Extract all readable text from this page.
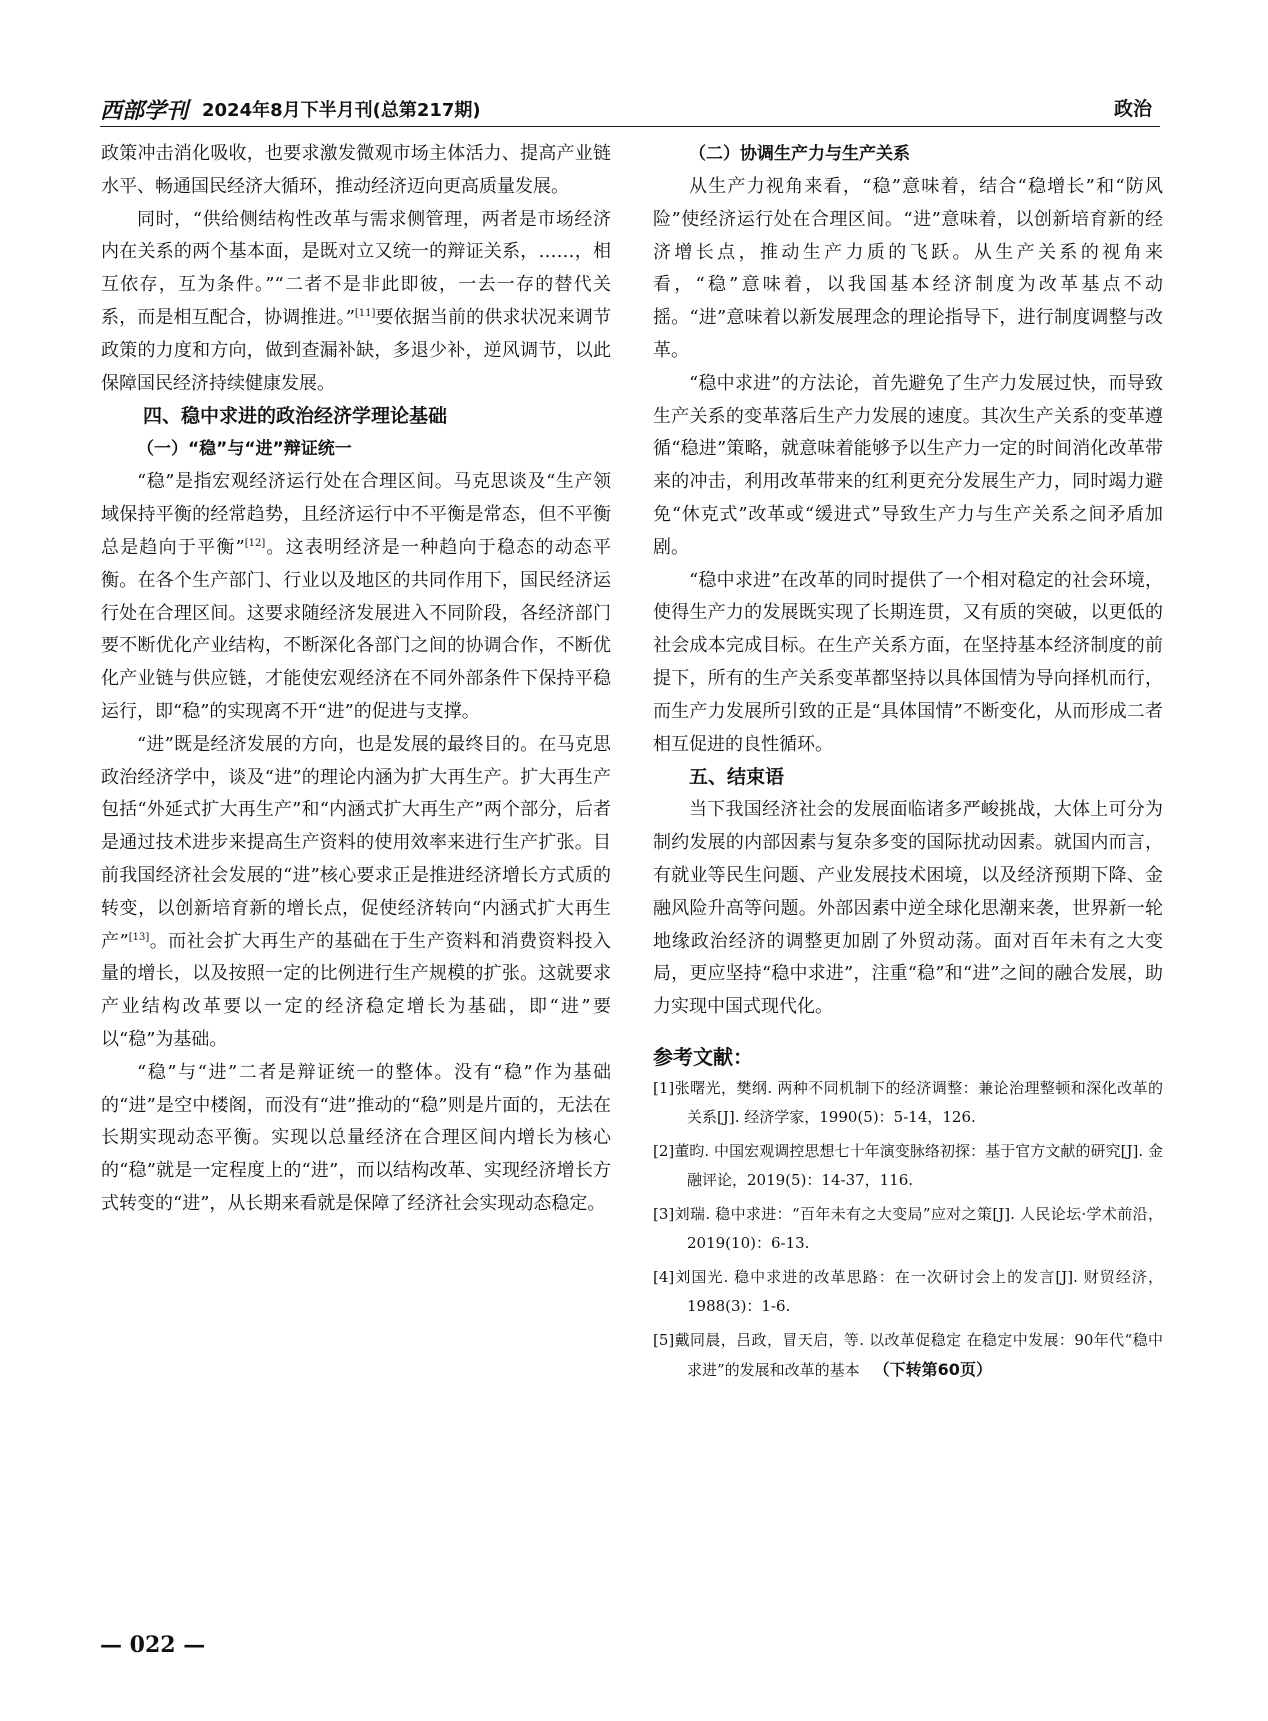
西部学刊 2024年8月下半月刊(总第217期)	政治

政策冲击消化吸收，也要求激发微观市场主体活力、提高产业链水平、畅通国民经济大循环，推动经济迈向更高质量发展。

同时，“供给侧结构性改革与需求侧管理，两者是市场经济内在关系的两个基本面，是既对立又统一的辩证关系，……，相互依存，互为条件。”“二者不是非此即彼，一去一存的替代关系，而是相互配合，协调推进。”[11]要依据当前的供求状况来调节政策的力度和方向，做到查漏补缺，多退少补，逆风调节，以此保障国民经济持续健康发展。

四、稳中求进的政治经济学理论基础
（一）“稳”与“进”辩证统一

“稳”是指宏观经济运行处在合理区间。马克思谈及“生产领域保持平衡的经常趋势，且经济运行中不平衡是常态，但不平衡总是趋向于平衡”[12]。这表明经济是一种趋向于稳态的动态平衡。在各个生产部门、行业以及地区的共同作用下，国民经济运行处在合理区间。这要求随经济发展进入不同阶段，各经济部门要不断优化产业结构，不断深化各部门之间的协调合作，不断优化产业链与供应链，才能使宏观经济在不同外部条件下保持平稳运行，即“稳”的实现离不开“进”的促进与支撑。

“进”既是经济发展的方向，也是发展的最终目的。在马克思政治经济学中，谈及“进”的理论内涵为扩大再生产。扩大再生产包括“外延式扩大再生产”和“内涵式扩大再生产”两个部分，后者是通过技术进步来提高生产资料的使用效率来进行生产扩张。目前我国经济社会发展的“进”核心要求正是推进经济增长方式质的转变，以创新培育新的增长点，促使经济转向“内涵式扩大再生产”[13]。而社会扩大再生产的基础在于生产资料和消费资料投入量的增长，以及按照一定的比例进行生产规模的扩张。这就要求产业结构改革要以一定的经济稳定增长为基础，即“进”要以“稳”为基础。

“稳”与“进”二者是辩证统一的整体。没有“稳”作为基础的“进”是空中楼阁，而没有“进”推动的“稳”则是片面的，无法在长期实现动态平衡。实现以总量经济在合理区间内增长为核心的“稳”就是一定程度上的“进”，而以结构改革、实现经济增长方式转变的“进”，从长期来看就是保障了经济社会实现动态稳定。

（二）协调生产力与生产关系

从生产力视角来看，“稳”意味着，结合“稳增长”和“防风险”使经济运行处在合理区间。“进”意味着，以创新培育新的经济增长点，推动生产力质的飞跃。从生产关系的视角来看，“稳”意味着，以我国基本经济制度为改革基点不动摇。“进”意味着以新发展理念的理论指导下，进行制度调整与改革。

“稳中求进”的方法论，首先避免了生产力发展过快，而导致生产关系的变革落后生产力发展的速度。其次生产关系的变革遵循“稳进”策略，就意味着能够予以生产力一定的时间消化改革带来的冲击，利用改革带来的红利更充分发展生产力，同时竭力避免“休克式”改革或“缓进式”导致生产力与生产关系之间矛盾加剧。

“稳中求进”在改革的同时提供了一个相对稳定的社会环境，使得生产力的发展既实现了长期连贯，又有质的突破，以更低的社会成本完成目标。在生产关系方面，在坚持基本经济制度的前提下，所有的生产关系变革都坚持以具体国情为导向择机而行，而生产力发展所引致的正是“具体国情”不断变化，从而形成二者相互促进的良性循环。

五、结束语

当下我国经济社会的发展面临诸多严峻挑战，大体上可分为制约发展的内部因素与复杂多变的国际扰动因素。就国内而言，有就业等民生问题、产业发展技术困境，以及经济预期下降、金融风险升高等问题。外部因素中逆全球化思潮来袭，世界新一轮地缘政治经济的调整更加剧了外贸动荡。面对百年未有之大变局，更应坚持“稳中求进”，注重“稳”和“进”之间的融合发展，助力实现中国式现代化。

参考文献：
[1]张曙光，樊纲. 两种不同机制下的经济调整：兼论治理整顿和深化改革的关系[J]. 经济学家，1990(5)：5-14，126.
[2]董昀. 中国宏观调控思想七十年演变脉络初探：基于官方文献的研究[J]. 金融评论，2019(5)：14-37，116.
[3]刘瑞. 稳中求进：“百年未有之大变局”应对之策[J]. 人民论坛·学术前沿，2019(10)：6-13.
[4]刘国光. 稳中求进的改革思路：在一次研讨会上的发言[J]. 财贸经济，1988(3)：1-6.
[5]戴同晨，吕政，冒天启，等. 以改革促稳定 在稳定中发展：90年代“稳中求进”的发展和改革的基本 （下转第60页）
— 022 —
